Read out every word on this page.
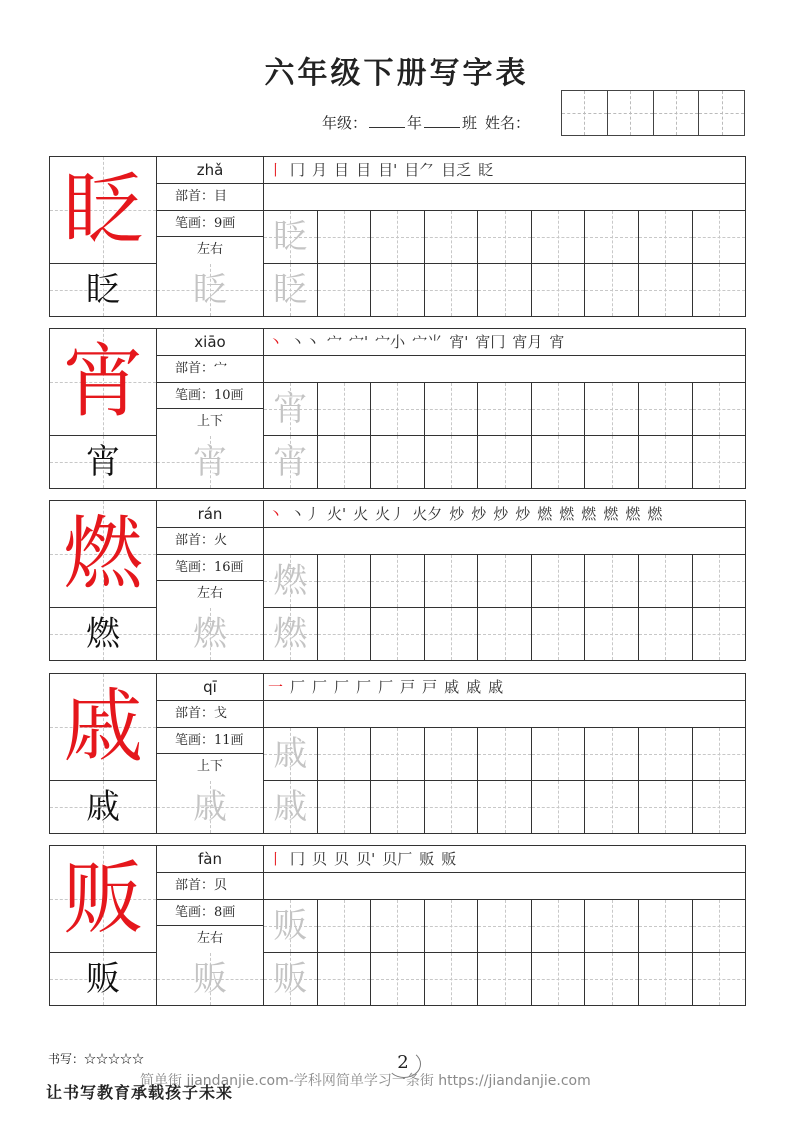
六年级下册写字表
年级：	年	班 姓名：
眨	zhǎ
部首：目
笔画：9画
左右
丨 冂 月 目 目 目' 目⺈ 目乏 眨
眨
眨	眨	眨
宵	xiāo
部首：宀
笔画：10画
上下
丶 丶丶 宀 宀' 宀小 宀⺌ 宵' 宵冂 宵月 宵
宵
宵	宵	宵
燃	rán
部首：火
笔画：16画
左右
丶 丶丿 火' 火 火丿 火夕 炒 炒 炒 炒 燃 燃 燃 燃 燃 燃
燃
燃	燃	燃
戚	qī
部首：戈
笔画：11画
上下
一 厂 厂 厂 厂 厂 戸 戸 戚 戚 戚
戚
戚	戚	戚
贩	fàn
部首：贝
笔画：8画
左右
丨 冂 贝 贝 贝' 贝厂 贩 贩
贩
贩	贩	贩
书写：☆☆☆☆☆	2
简单街 jiandanjie.com-学科网简单学习一条街 https://jiandanjie.com
让书写教育承载孩子未来
